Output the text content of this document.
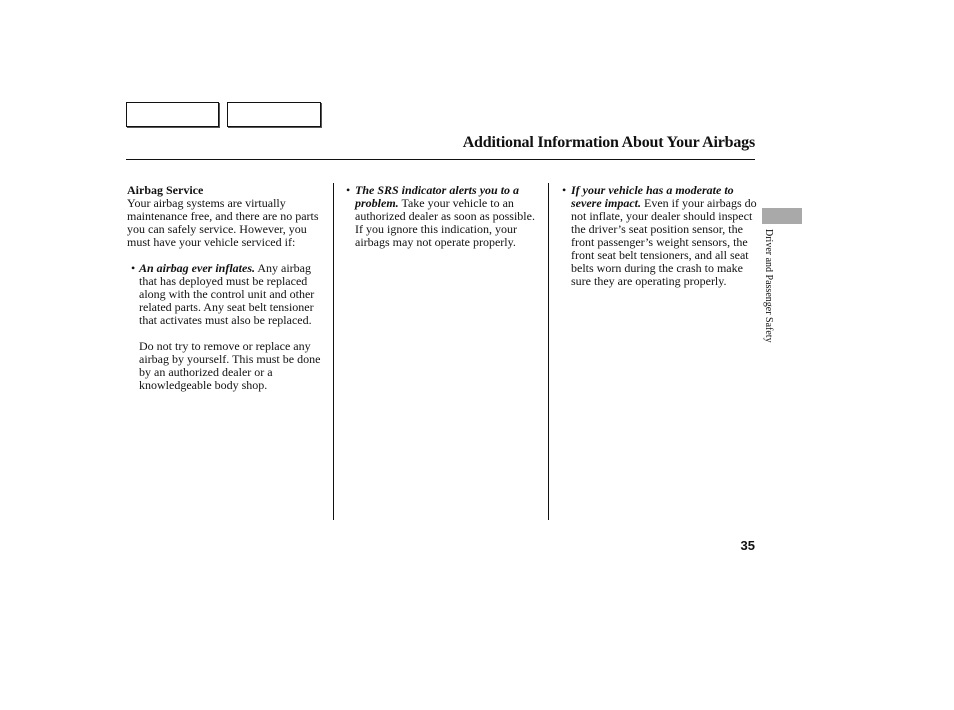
Additional Information About Your Airbags

Airbag Service

Your airbag systems are virtually maintenance free, and there are no parts you can safely service. However, you must have your vehicle serviced if:

• An airbag ever inflates. Any airbag that has deployed must be replaced along with the control unit and other related parts. Any seat belt tensioner that activates must also be replaced.

Do not try to remove or replace any airbag by yourself. This must be done by an authorized dealer or a knowledgeable body shop.

• The SRS indicator alerts you to a problem. Take your vehicle to an authorized dealer as soon as possible. If you ignore this indication, your airbags may not operate properly.

• If your vehicle has a moderate to severe impact. Even if your airbags do not inflate, your dealer should inspect the driver’s seat position sensor, the front passenger’s weight sensors, the front seat belt tensioners, and all seat belts worn during the crash to make sure they are operating properly.	Driver and Passenger Safety
35
